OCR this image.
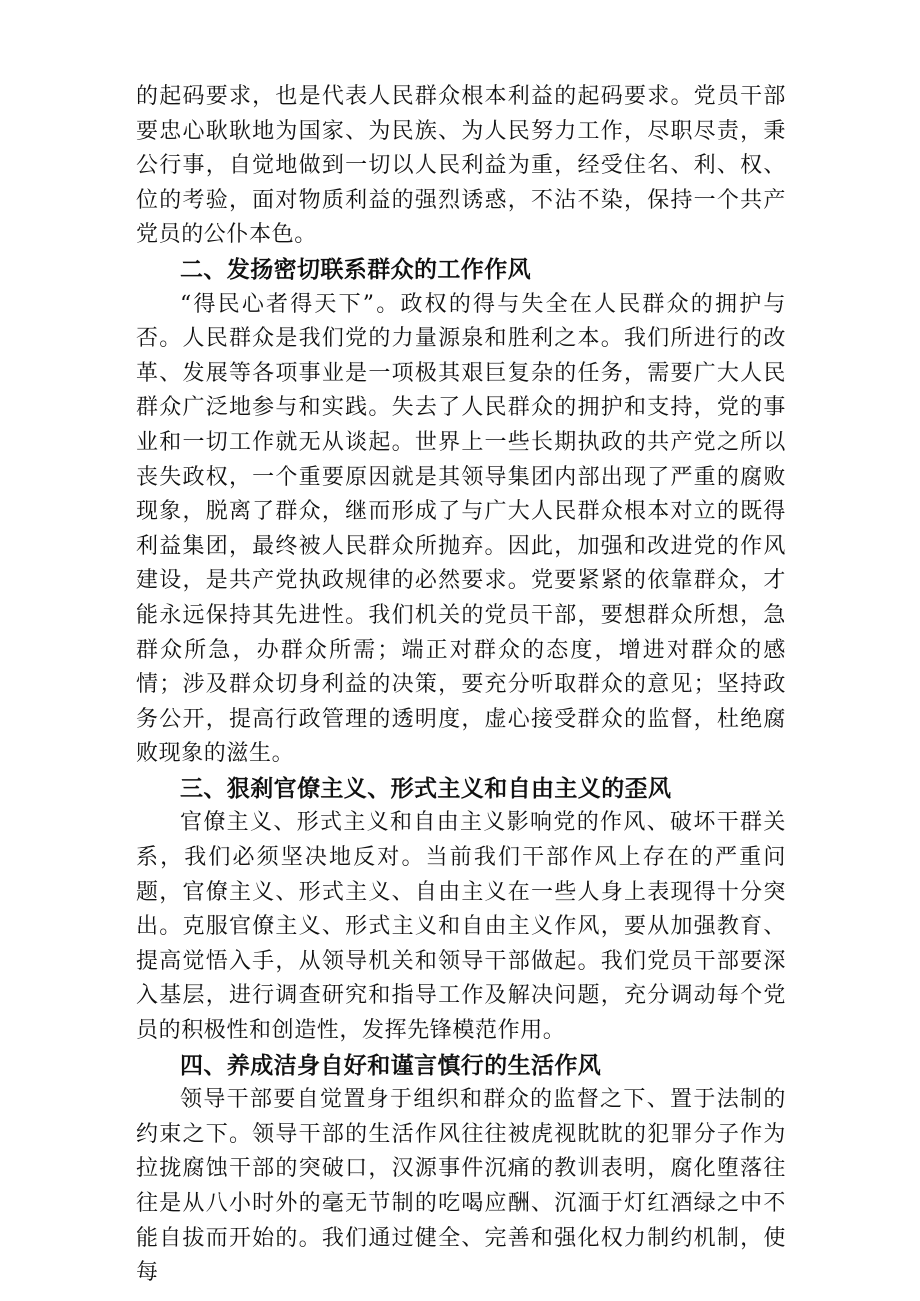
的起码要求，也是代表人民群众根本利益的起码要求。党员干部要忠心耿耿地为国家、为民族、为人民努力工作，尽职尽责，秉公行事，自觉地做到一切以人民利益为重，经受住名、利、权、位的考验，面对物质利益的强烈诱惑，不沾不染，保持一个共产党员的公仆本色。

二、发扬密切联系群众的工作作风

“得民心者得天下”。政权的得与失全在人民群众的拥护与否。人民群众是我们党的力量源泉和胜利之本。我们所进行的改革、发展等各项事业是一项极其艰巨复杂的任务，需要广大人民群众广泛地参与和实践。失去了人民群众的拥护和支持，党的事业和一切工作就无从谈起。世界上一些长期执政的共产党之所以丧失政权，一个重要原因就是其领导集团内部出现了严重的腐败现象，脱离了群众，继而形成了与广大人民群众根本对立的既得利益集团，最终被人民群众所抛弃。因此，加强和改进党的作风建设，是共产党执政规律的必然要求。党要紧紧的依靠群众，才能永远保持其先进性。我们机关的党员干部，要想群众所想，急群众所急，办群众所需；端正对群众的态度，增进对群众的感情；涉及群众切身利益的决策，要充分听取群众的意见；坚持政务公开，提高行政管理的透明度，虚心接受群众的监督，杜绝腐败现象的滋生。

三、狠刹官僚主义、形式主义和自由主义的歪风

官僚主义、形式主义和自由主义影响党的作风、破坏干群关系，我们必须坚决地反对。当前我们干部作风上存在的严重问题，官僚主义、形式主义、自由主义在一些人身上表现得十分突出。克服官僚主义、形式主义和自由主义作风，要从加强教育、提高觉悟入手，从领导机关和领导干部做起。我们党员干部要深入基层，进行调查研究和指导工作及解决问题，充分调动每个党员的积极性和创造性，发挥先锋模范作用。

四、养成洁身自好和谨言慎行的生活作风

领导干部要自觉置身于组织和群众的监督之下、置于法制的约束之下。领导干部的生活作风往往被虎视眈眈的犯罪分子作为拉拢腐蚀干部的突破口，汉源事件沉痛的教训表明，腐化堕落往往是从八小时外的毫无节制的吃喝应酬、沉湎于灯红酒绿之中不能自拔而开始的。我们通过健全、完善和强化权力制约机制，使每
